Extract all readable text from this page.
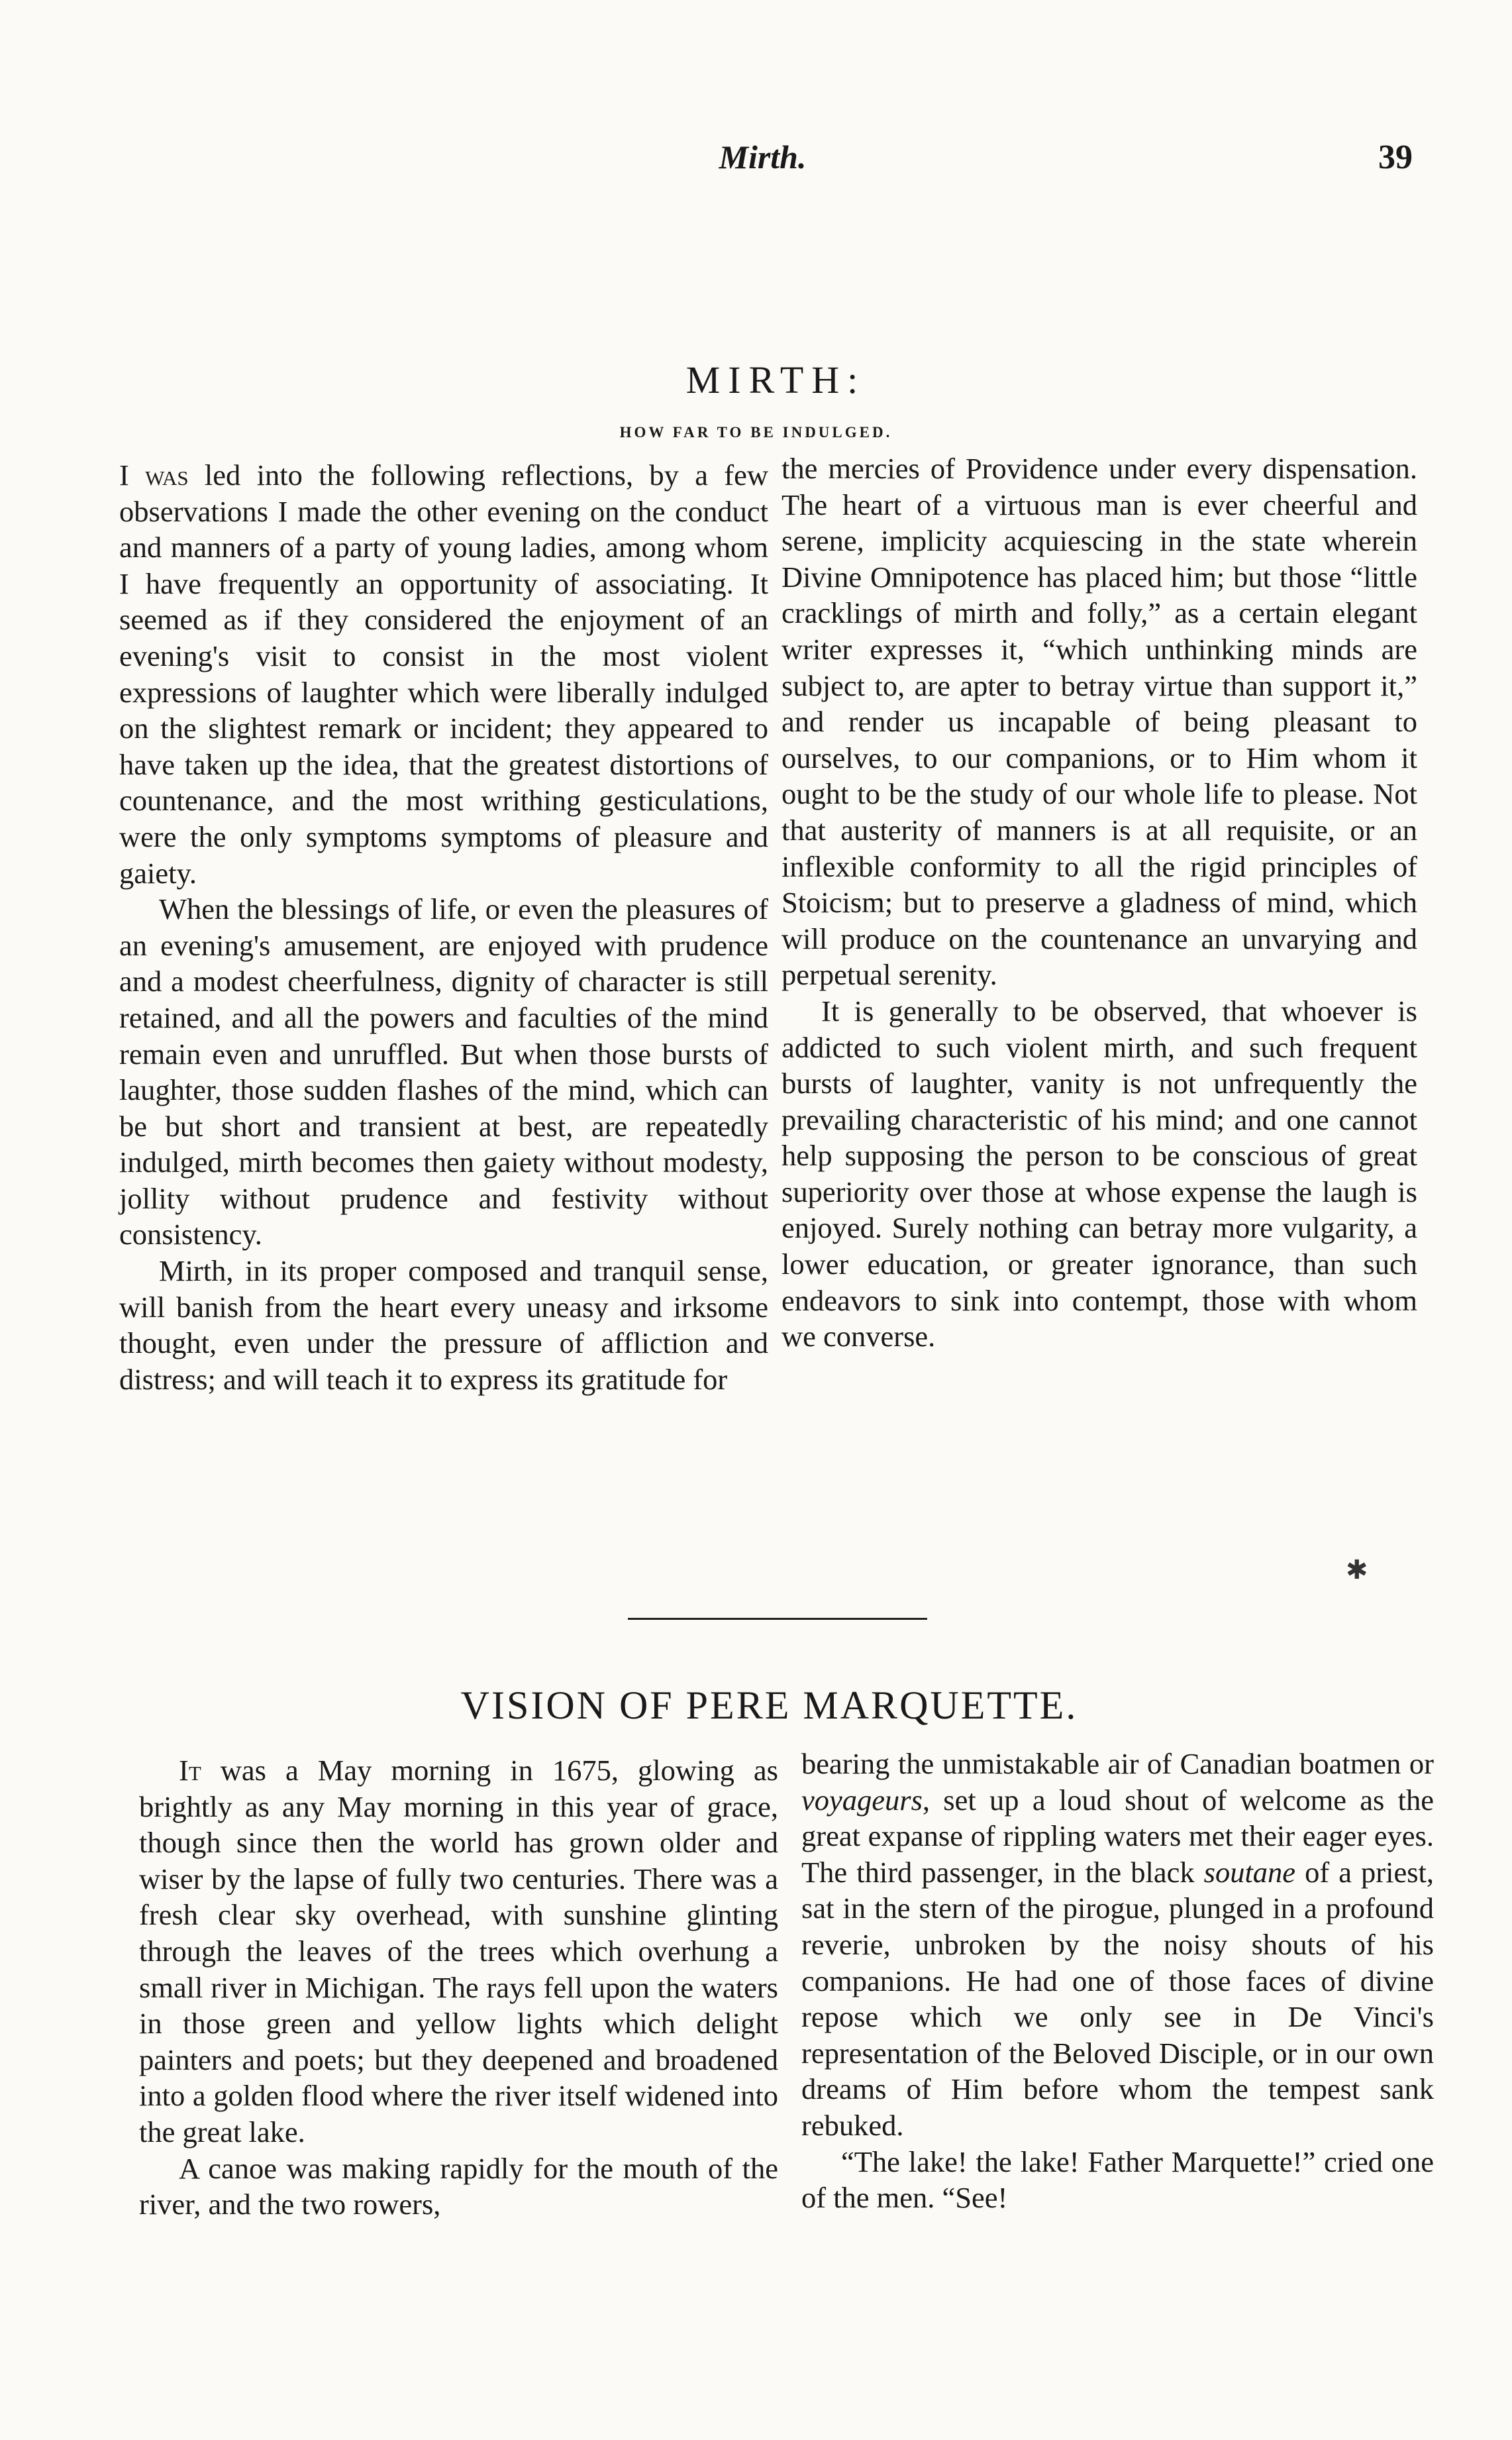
Mirth.	39
MIRTH:
HOW FAR TO BE INDULGED.

I was led into the following reflections, by a few observations I made the other evening on the conduct and manners of a party of young ladies, among whom I have frequently an opportunity of associating. It seemed as if they considered the enjoyment of an evening's visit to consist in the most violent expressions of laughter which were liberally indulged on the slightest remark or incident; they appeared to have taken up the idea, that the greatest distortions of countenance, and the most writhing gesticulations, were the only symptoms symptoms of pleasure and gaiety.

When the blessings of life, or even the pleasures of an evening's amusement, are enjoyed with prudence and a modest cheerfulness, dignity of character is still retained, and all the powers and faculties of the mind remain even and unruffled. But when those bursts of laughter, those sudden flashes of the mind, which can be but short and transient at best, are repeatedly indulged, mirth becomes then gaiety without modesty, jollity without prudence and festivity without consistency.

Mirth, in its proper composed and tranquil sense, will banish from the heart every uneasy and irksome thought, even under the pressure of affliction and distress; and will teach it to express its gratitude for

the mercies of Providence under every dispensation. The heart of a virtuous man is ever cheerful and serene, implicity acquiescing in the state wherein Divine Omnipotence has placed him; but those “little cracklings of mirth and folly,” as a certain elegant writer expresses it, “which unthinking minds are subject to, are apter to betray virtue than support it,” and render us incapable of being pleasant to ourselves, to our companions, or to Him whom it ought to be the study of our whole life to please. Not that austerity of manners is at all requisite, or an inflexible conformity to all the rigid principles of Stoicism; but to preserve a gladness of mind, which will produce on the countenance an unvarying and perpetual serenity.

It is generally to be observed, that whoever is addicted to such violent mirth, and such frequent bursts of laughter, vanity is not unfrequently the prevailing characteristic of his mind; and one cannot help supposing the person to be conscious of great superiority over those at whose expense the laugh is enjoyed. Surely nothing can betray more vulgarity, a lower education, or greater ignorance, than such endeavors to sink into contempt, those with whom we converse.

✱
VISION OF PERE MARQUETTE.

It was a May morning in 1675, glowing as brightly as any May morning in this year of grace, though since then the world has grown older and wiser by the lapse of fully two centuries. There was a fresh clear sky overhead, with sunshine glinting through the leaves of the trees which overhung a small river in Michigan. The rays fell upon the waters in those green and yellow lights which delight painters and poets; but they deepened and broadened into a golden flood where the river itself widened into the great lake.

A canoe was making rapidly for the mouth of the river, and the two rowers,

bearing the unmistakable air of Canadian boatmen or voyageurs, set up a loud shout of welcome as the great expanse of rippling waters met their eager eyes. The third passenger, in the black soutane of a priest, sat in the stern of the pirogue, plunged in a profound reverie, unbroken by the noisy shouts of his companions. He had one of those faces of divine repose which we only see in De Vinci's representation of the Beloved Disciple, or in our own dreams of Him before whom the tempest sank rebuked.

“The lake! the lake! Father Marquette!” cried one of the men. “See!
